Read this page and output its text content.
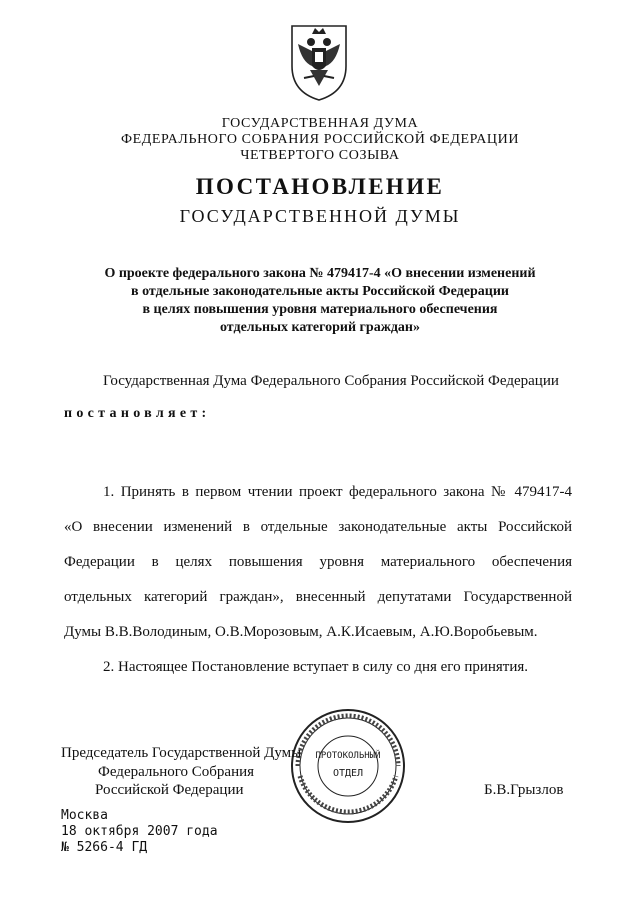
ГОСУДАРСТВЕННАЯ ДУМА
ФЕДЕРАЛЬНОГО СОБРАНИЯ РОССИЙСКОЙ ФЕДЕРАЦИИ
ЧЕТВЕРТОГО СОЗЫВА
ПОСТАНОВЛЕНИЕ
ГОСУДАРСТВЕННОЙ ДУМЫ
О проекте федерального закона № 479417-4 «О внесении изменений
в отдельные законодательные акты Российской Федерации
в целях повышения уровня материального обеспечения
отдельных категорий граждан»
Государственная Дума Федерального Собрания Российской Федерации
постановляет:
1. Принять в первом чтении проект федерального закона № 479417-4
«О внесении изменений в отдельные законодательные акты Российской
Федерации в целях повышения уровня материального обеспечения
отдельных категорий граждан», внесенный депутатами Государственной
Думы В.В.Володиным, О.В.Морозовым, А.К.Исаевым, А.Ю.Воробьевым.
2. Настоящее Постановление вступает в силу со дня его принятия.
ПРОТОКОЛЬНЫЙ
ОТДЕЛ
Председатель Государственной Думы
Федерального Собрания
Российской Федерации	Б.В.Грызлов
Москва
18 октября 2007 года
№ 5266-4 ГД
